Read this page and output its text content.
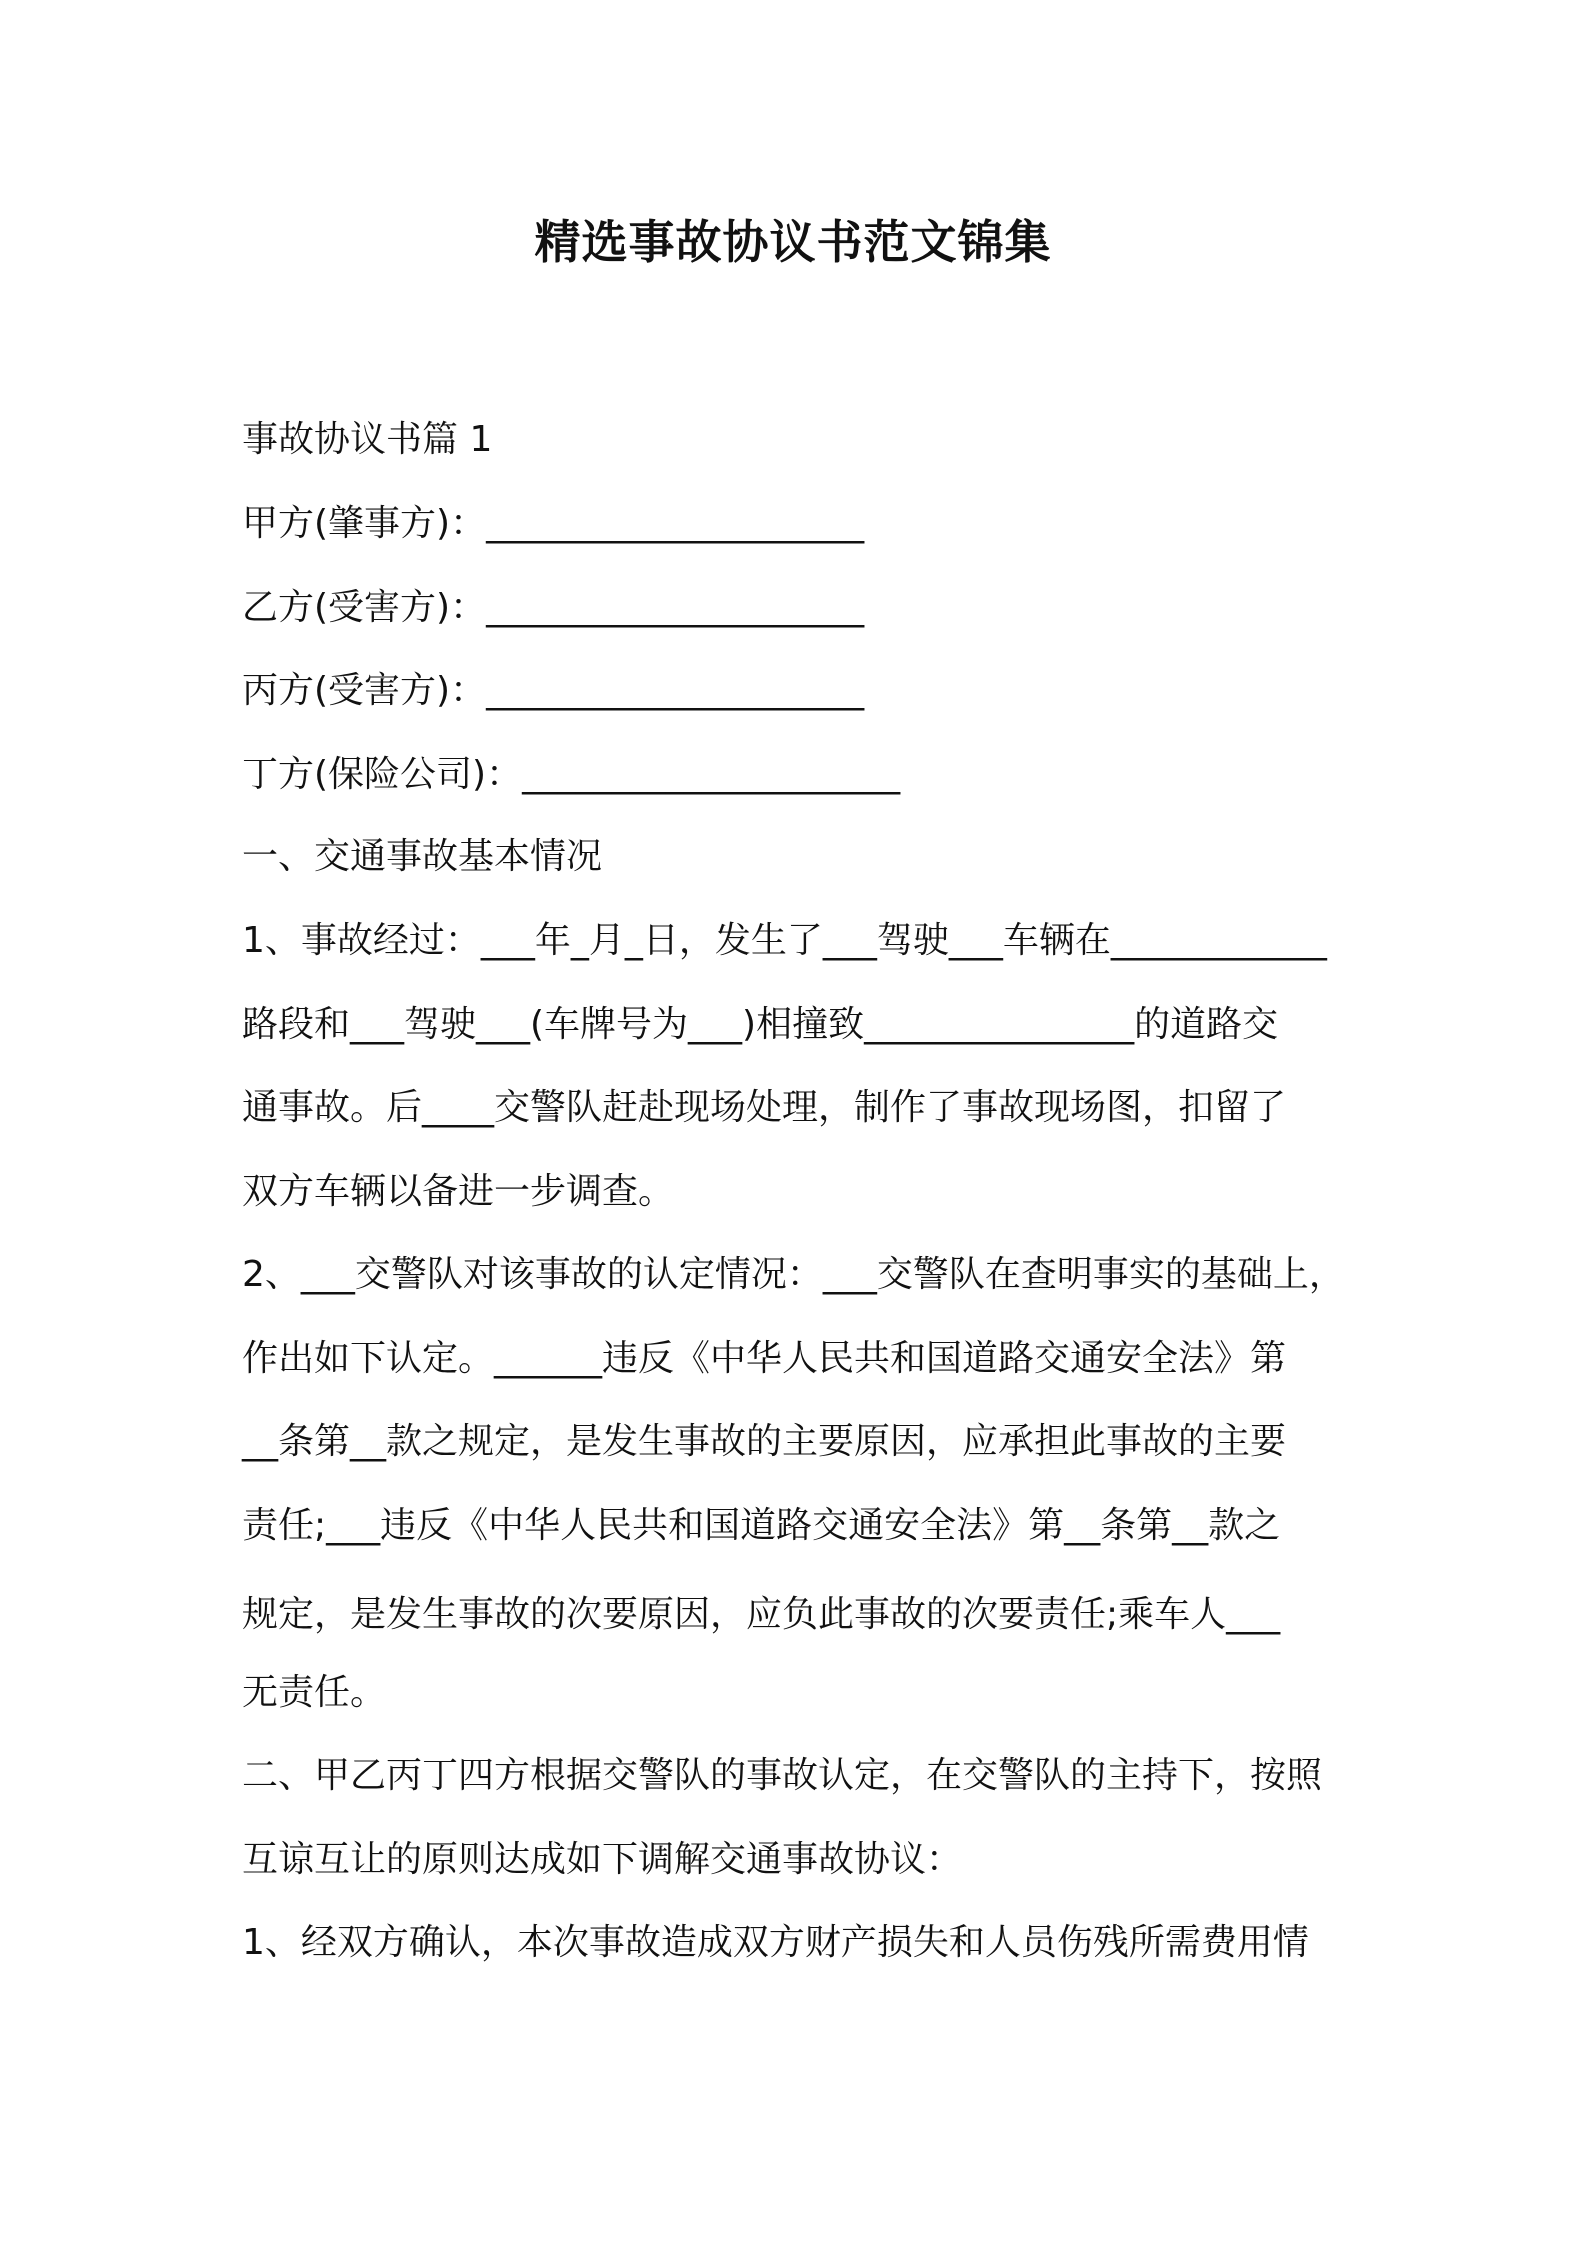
精选事故协议书范文锦集
事故协议书篇 1
甲方(肇事方)：_____________________
乙方(受害方)：_____________________
丙方(受害方)：_____________________
丁方(保险公司)：_____________________
一、交通事故基本情况
1、事故经过：___年_月_日，发生了___驾驶___车辆在____________
路段和___驾驶___(车牌号为___)相撞致_______________的道路交
通事故。后____交警队赶赴现场处理，制作了事故现场图，扣留了
双方车辆以备进一步调查。
2、___交警队对该事故的认定情况：___交警队在查明事实的基础上，
作出如下认定。______违反《中华人民共和国道路交通安全法》第
__条第__款之规定，是发生事故的主要原因，应承担此事故的主要
责任;___违反《中华人民共和国道路交通安全法》第__条第__款之
规定，是发生事故的次要原因，应负此事故的次要责任;乘车人___
无责任。
二、甲乙丙丁四方根据交警队的事故认定，在交警队的主持下，按照
互谅互让的原则达成如下调解交通事故协议：
1、经双方确认，本次事故造成双方财产损失和人员伤残所需费用情
